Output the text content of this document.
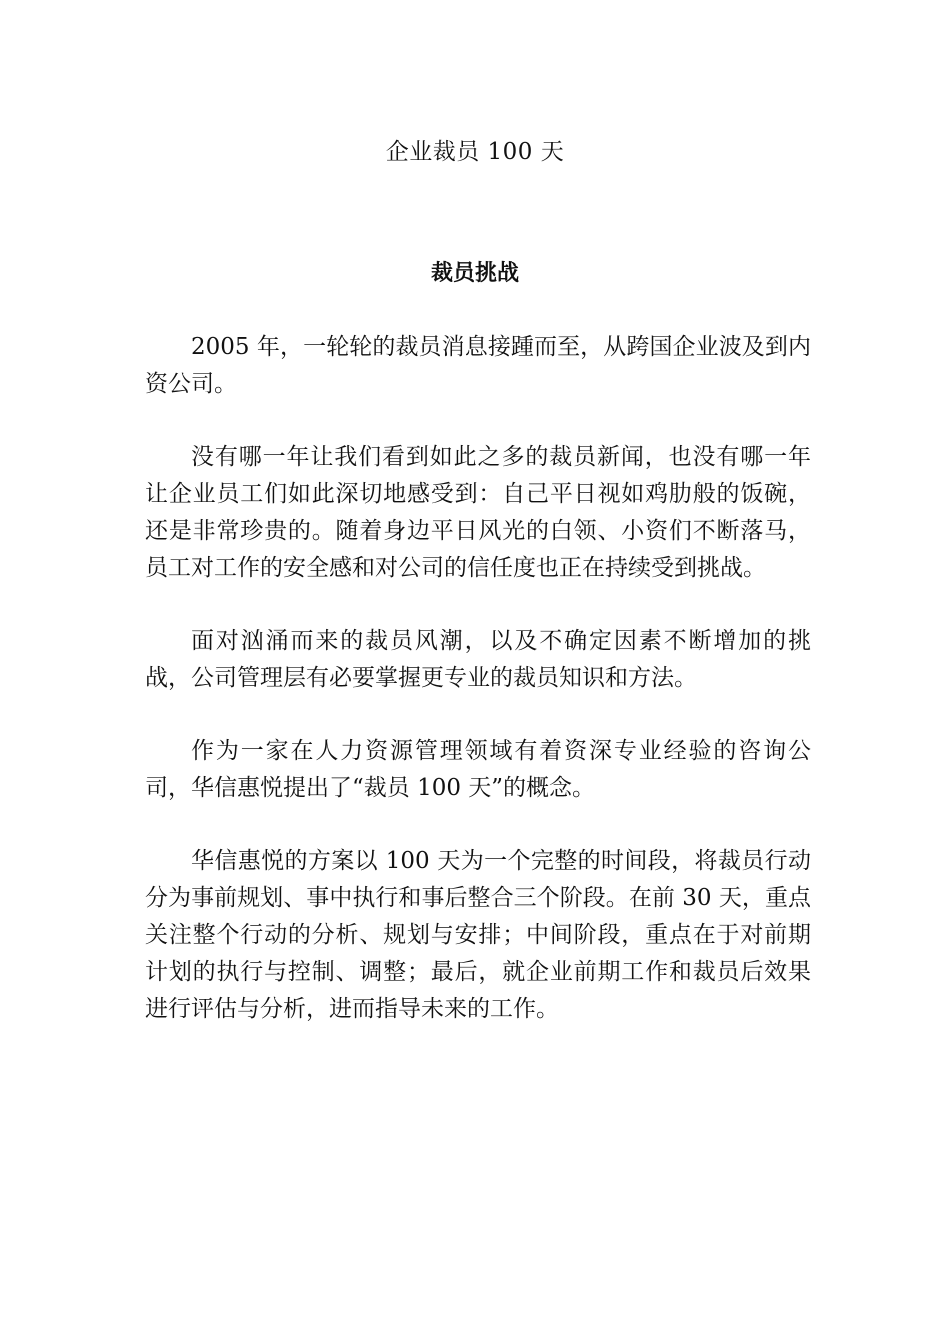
企业裁员 100 天
裁员挑战

2005 年，一轮轮的裁员消息接踵而至，从跨国企业波及到内资公司。

没有哪一年让我们看到如此之多的裁员新闻，也没有哪一年让企业员工们如此深切地感受到：自己平日视如鸡肋般的饭碗，还是非常珍贵的。随着身边平日风光的白领、小资们不断落马，员工对工作的安全感和对公司的信任度也正在持续受到挑战。

面对汹涌而来的裁员风潮，以及不确定因素不断增加的挑战，公司管理层有必要掌握更专业的裁员知识和方法。

作为一家在人力资源管理领域有着资深专业经验的咨询公司，华信惠悦提出了“裁员 100 天”的概念。

华信惠悦的方案以 100 天为一个完整的时间段，将裁员行动分为事前规划、事中执行和事后整合三个阶段。在前 30 天，重点关注整个行动的分析、规划与安排；中间阶段，重点在于对前期计划的执行与控制、调整；最后，就企业前期工作和裁员后效果进行评估与分析，进而指导未来的工作。
